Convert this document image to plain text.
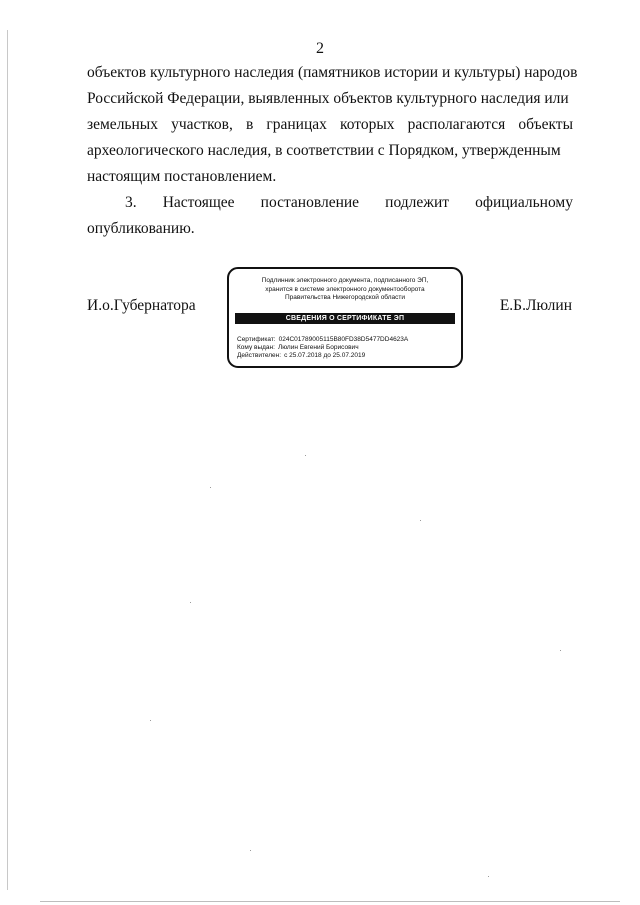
2
объектов культурного наследия (памятников истории и культуры) народов
Российской Федерации, выявленных объектов культурного наследия или
земельных участков, в границах которых располагаются объекты
археологического наследия, в соответствии с Порядком, утвержденным
настоящим постановлением.
3. Настоящее постановление подлежит официальному
опубликованию.
И.о.Губернатора
Подлинник электронного документа, подписанного ЭП,
хранится в системе электронного документооборота
Правительства Нижегородской области
СВЕДЕНИЯ О СЕРТИФИКАТЕ ЭП
Сертификат: 024C01789005115B80FD38D5477DD4623A
Кому выдан: Люлин Евгений Борисович
Действителен: с 25.07.2018 до 25.07.2019
Е.Б.Люлин
